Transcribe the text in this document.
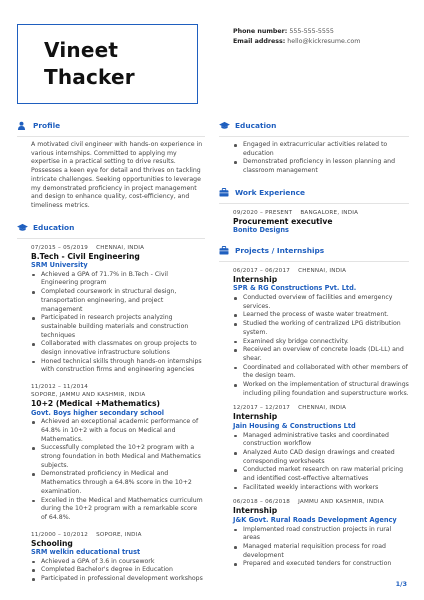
Vineet
Thacker
Phone number: 555-555-5555
Email address: hello@kickresume.com
Profile

A motivated civil engineer with hands-on experience in various internships. Committed to applying my expertise in a practical setting to drive results. Possesses a keen eye for detail and thrives on tackling intricate challenges. Seeking opportunities to leverage my demonstrated proficiency in project management and design to enhance quality, cost-efficiency, and timeliness metrics.

Education
07/2015 – 05/2019 CHENNAI, INDIA
B.Tech - Civil Engineering
SRM University
Achieved a GPA of 71.7% in B.Tech - Civil Engineering program
Completed coursework in structural design, transportation engineering, and project management
Participated in research projects analyzing sustainable building materials and construction techniques
Collaborated with classmates on group projects to design innovative infrastructure solutions
Honed technical skills through hands-on internships with construction firms and engineering agencies
11/2012 – 11/2014
SOPORE, JAMMU AND KASHMIR, INDIA
10+2 (Medical +Mathematics)
Govt. Boys higher secondary school
Achieved an exceptional academic performance of 64.8% in 10+2 with a focus on Medical and Mathematics.
Successfully completed the 10+2 program with a strong foundation in both Medical and Mathematics subjects.
Demonstrated proficiency in Medical and Mathematics through a 64.8% score in the 10+2 examination.
Excelled in the Medical and Mathematics curriculum during the 10+2 program with a remarkable score of 64.8%.
11/2000 – 10/2012 SOPORE, INDIA
Schooling
SRM welkin educational trust
Achieved a GPA of 3.6 in coursework
Completed Bachelor's degree in Education
Participated in professional development workshops
Education
Engaged in extracurricular activities related to education
Demonstrated proficiency in lesson planning and classroom management
Work Experience
09/2020 – PRESENT BANGALORE, INDIA
Procurement executive
Bonito Designs
Projects / Internships
06/2017 – 06/2017 CHENNAI, INDIA
Internship
SPR & RG Constructions Pvt. Ltd.
Conducted overview of facilities and emergency services.
Learned the process of waste water treatment.
Studied the working of centralized LPG distribution system.
Examined sky bridge connectivity.
Received an overview of concrete loads (DL-LL) and shear.
Coordinated and collaborated with other members of the design team.
Worked on the implementation of structural drawings including piling foundation and superstructure works.
12/2017 – 12/2017 CHENNAI, INDIA
Internship
Jain Housing & Constructions Ltd
Managed administrative tasks and coordinated construction workflow
Analyzed Auto CAD design drawings and created corresponding worksheets
Conducted market research on raw material pricing and identified cost-effective alternatives
Facilitated weekly interactions with workers
06/2018 – 06/2018 JAMMU AND KASHMIR, INDIA
Internship
J&K Govt. Rural Roads Development Agency
Implemented road construction projects in rural areas
Managed material requisition process for road development
Prepared and executed tenders for construction
1/3
